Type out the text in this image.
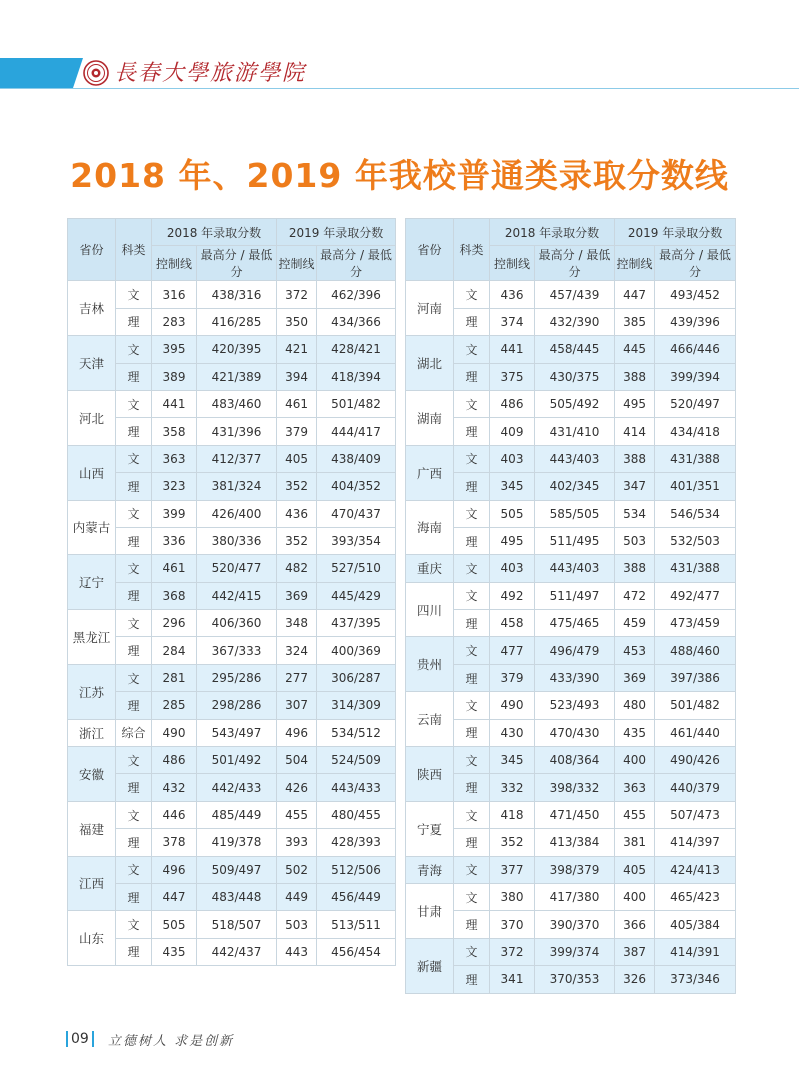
長春大學旅游學院
2018 年、2019 年我校普通类录取分数线
省份	科类	2018 年录取分数		2019 年录取分数	
		控制线	最高分 / 最低分	控制线	最高分 / 最低分
吉林	文	316	438/316	372	462/396
	理	283	416/285	350	434/366
天津	文	395	420/395	421	428/421
	理	389	421/389	394	418/394
河北	文	441	483/460	461	501/482
	理	358	431/396	379	444/417
山西	文	363	412/377	405	438/409
	理	323	381/324	352	404/352
内蒙古	文	399	426/400	436	470/437
	理	336	380/336	352	393/354
辽宁	文	461	520/477	482	527/510
	理	368	442/415	369	445/429
黑龙江	文	296	406/360	348	437/395
	理	284	367/333	324	400/369
江苏	文	281	295/286	277	306/287
	理	285	298/286	307	314/309
浙江	综合	490	543/497	496	534/512
安徽	文	486	501/492	504	524/509
	理	432	442/433	426	443/433
福建	文	446	485/449	455	480/455
	理	378	419/378	393	428/393
江西	文	496	509/497	502	512/506
	理	447	483/448	449	456/449
山东	文	505	518/507	503	513/511
	理	435	442/437	443	456/454
省份	科类	2018 年录取分数		2019 年录取分数	
		控制线	最高分 / 最低分	控制线	最高分 / 最低分
河南	文	436	457/439	447	493/452
	理	374	432/390	385	439/396
湖北	文	441	458/445	445	466/446
	理	375	430/375	388	399/394
湖南	文	486	505/492	495	520/497
	理	409	431/410	414	434/418
广西	文	403	443/403	388	431/388
	理	345	402/345	347	401/351
海南	文	505	585/505	534	546/534
	理	495	511/495	503	532/503
重庆	文	403	443/403	388	431/388
四川	文	492	511/497	472	492/477
	理	458	475/465	459	473/459
贵州	文	477	496/479	453	488/460
	理	379	433/390	369	397/386
云南	文	490	523/493	480	501/482
	理	430	470/430	435	461/440
陕西	文	345	408/364	400	490/426
	理	332	398/332	363	440/379
宁夏	文	418	471/450	455	507/473
	理	352	413/384	381	414/397
青海	文	377	398/379	405	424/413
甘肃	文	380	417/380	400	465/423
	理	370	390/370	366	405/384
新疆	文	372	399/374	387	414/391
	理	341	370/353	326	373/346
09	立德树人 求是创新
